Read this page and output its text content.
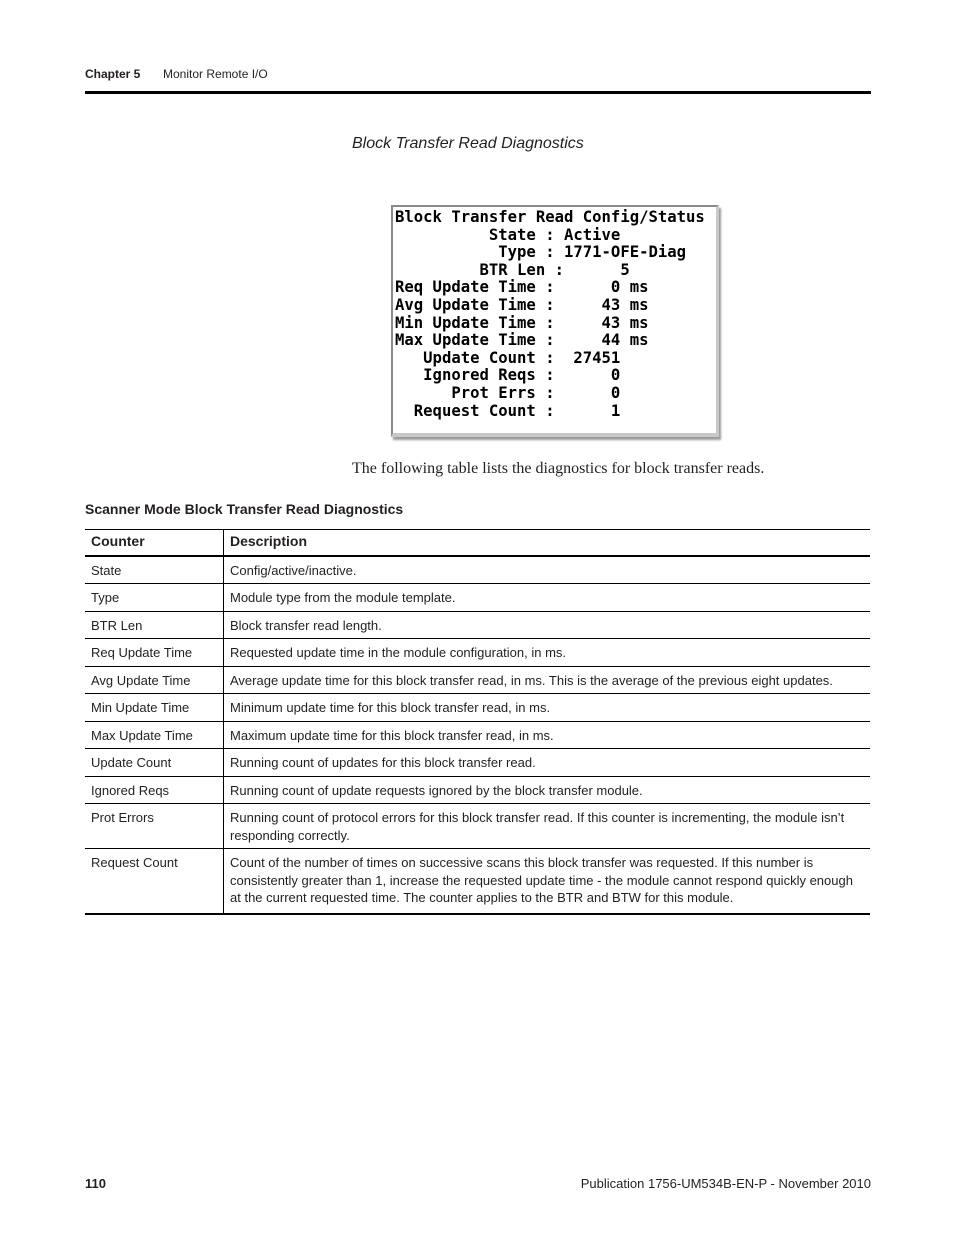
Chapter 5 Monitor Remote I/O
Block Transfer Read Diagnostics
Block Transfer Read Config/Status
State : Active
Type : 1771-OFE-Diag
BTR Len :      5
Req Update Time :      0 ms
Avg Update Time :     43 ms
Min Update Time :     43 ms
Max Update Time :     44 ms
Update Count :  27451
Ignored Reqs :      0
Prot Errs :      0
Request Count :      1
The following table lists the diagnostics for block transfer reads.
Scanner Mode Block Transfer Read Diagnostics
Counter	Description
State	Config/active/inactive.
Type	Module type from the module template.
BTR Len	Block transfer read length.
Req Update Time	Requested update time in the module configuration, in ms.
Avg Update Time	Average update time for this block transfer read, in ms. This is the average of the previous eight updates.
Min Update Time	Minimum update time for this block transfer read, in ms.
Max Update Time	Maximum update time for this block transfer read, in ms.
Update Count	Running count of updates for this block transfer read.
Ignored Reqs	Running count of update requests ignored by the block transfer module.
Prot Errors	Running count of protocol errors for this block transfer read. If this counter is incrementing, the module isn’t responding correctly.
Request Count	Count of the number of times on successive scans this block transfer was requested. If this number is consistently greater than 1, increase the requested update time - the module cannot respond quickly enough at the current requested time. The counter applies to the BTR and BTW for this module.
110	Publication 1756-UM534B-EN-P - November 2010
